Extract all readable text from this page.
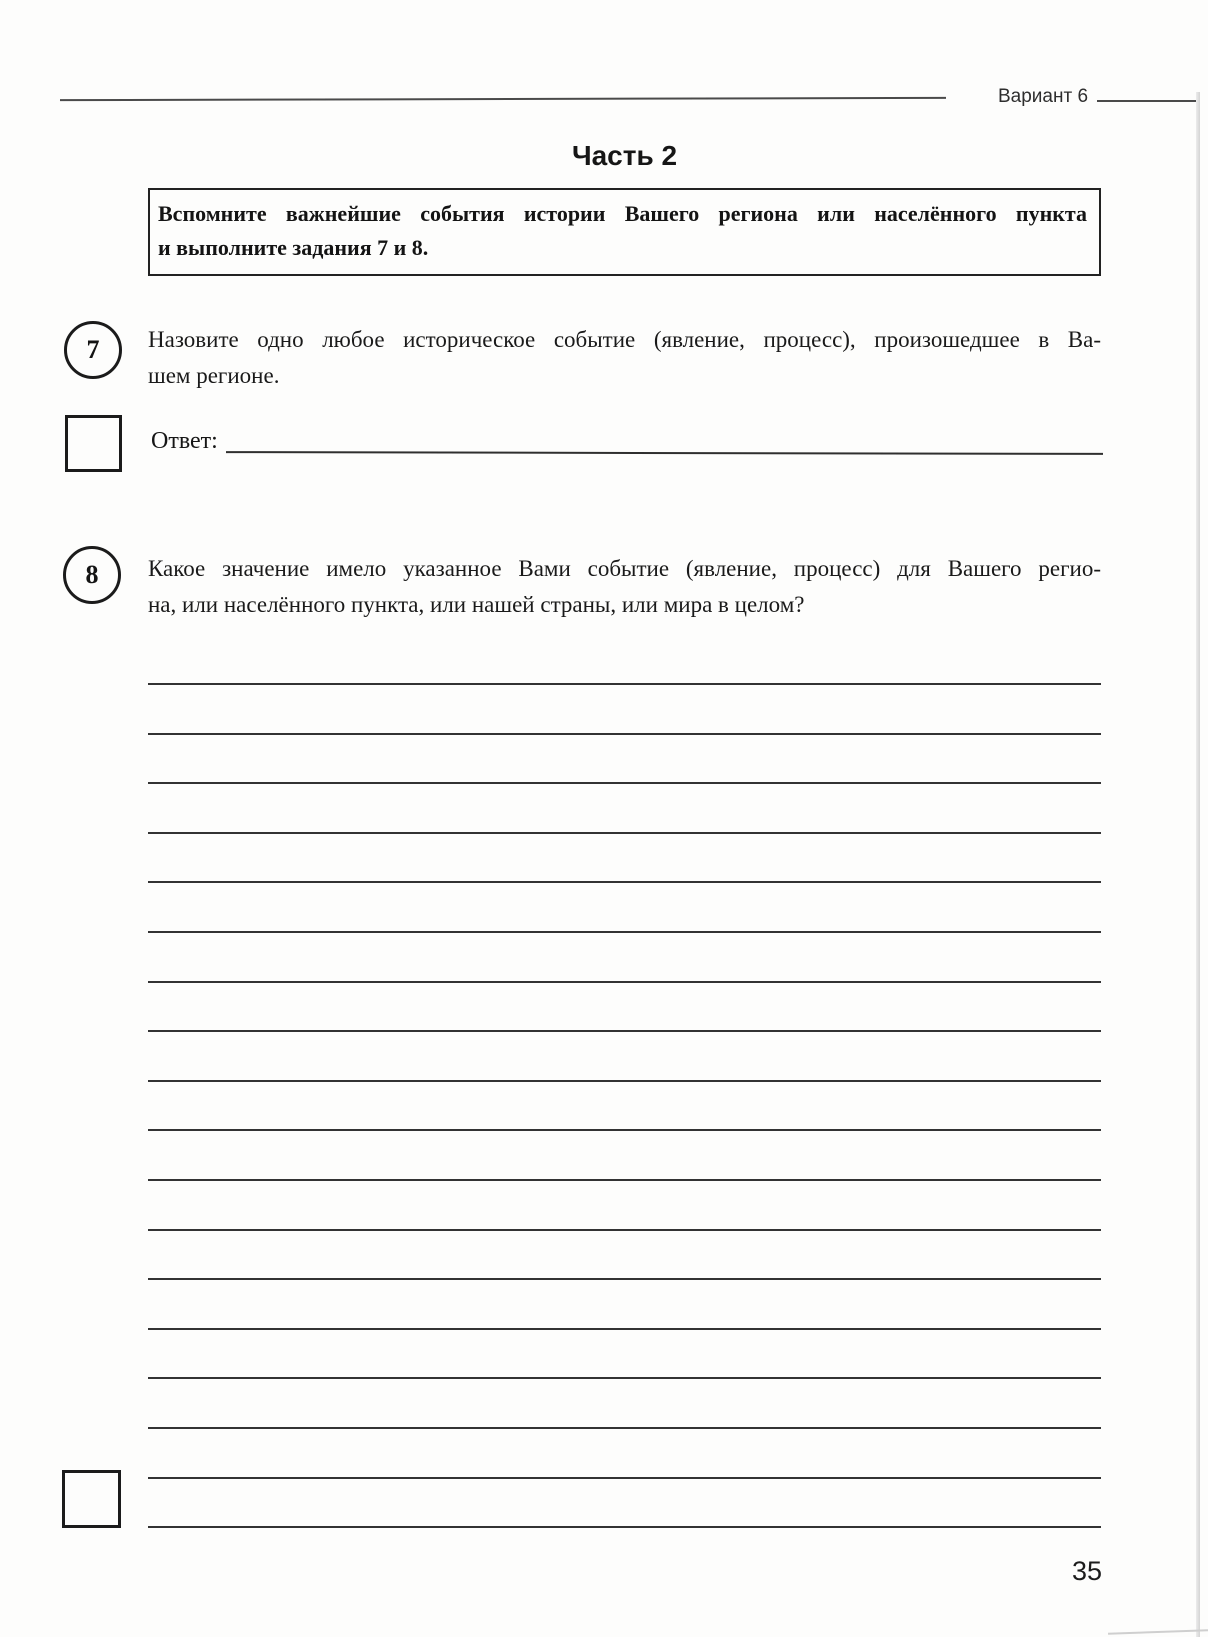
Вариант 6
Часть 2
Вспомните важнейшие события истории Вашего региона или населённого пункта
и выполните задания 7 и 8.
7 Назовите одно любое историческое событие (явление, процесс), произошедшее в Ва-
шем регионе.
Ответ:
8 Какое значение имело указанное Вами событие (явление, процесс) для Вашего регио-
на, или населённого пункта, или нашей страны, или мира в целом?
35
